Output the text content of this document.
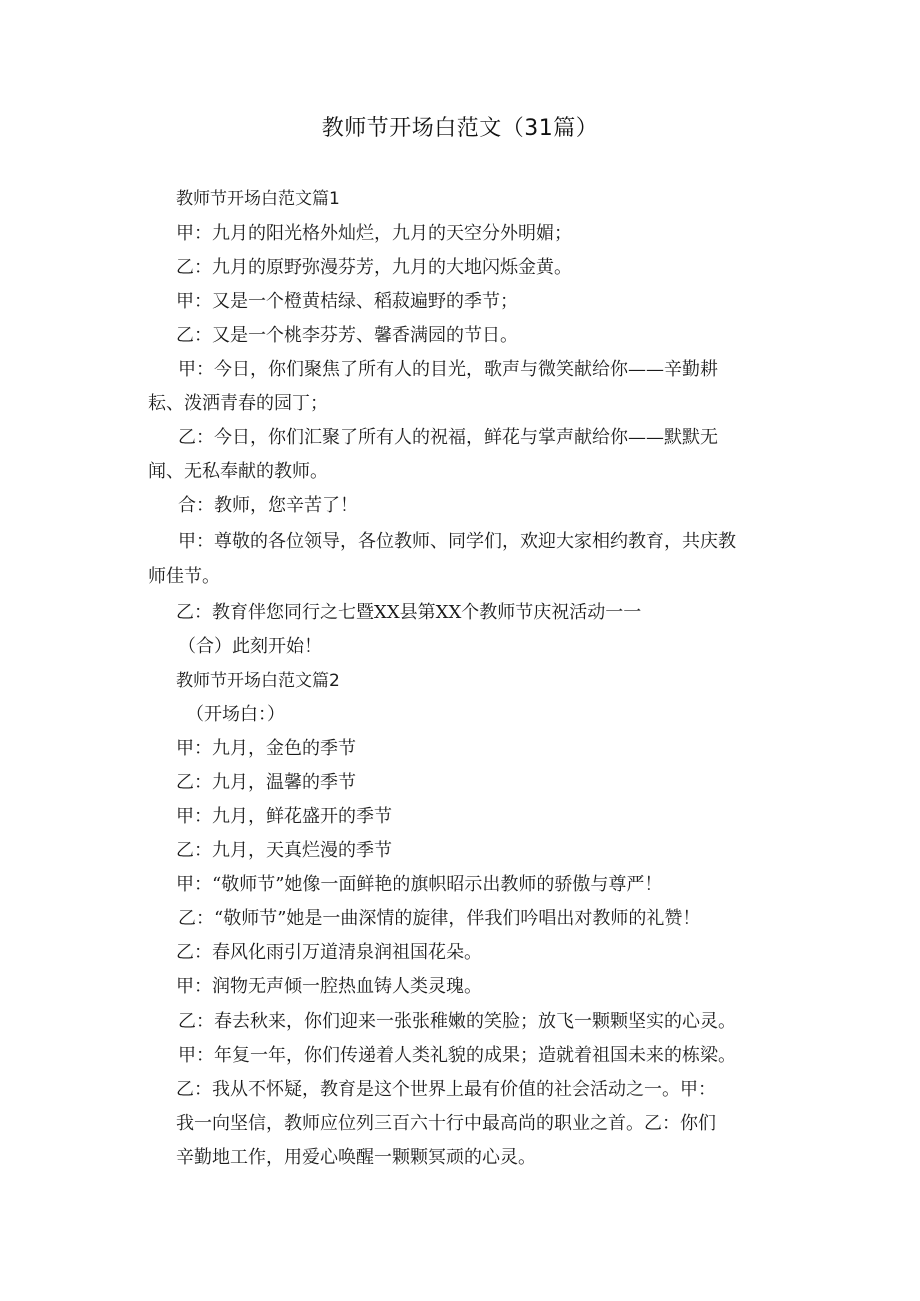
教师节开场白范文（31篇）
教师节开场白范文篇1
甲：九月的阳光格外灿烂，九月的天空分外明媚；
乙：九月的原野弥漫芬芳，九月的大地闪烁金黄。
甲：又是一个橙黄桔绿、稻菽遍野的季节；
乙：又是一个桃李芬芳、馨香满园的节日。
甲：今日，你们聚焦了所有人的目光，歌声与微笑献给你——辛勤耕
耘、泼洒青春的园丁；
乙：今日，你们汇聚了所有人的祝福，鲜花与掌声献给你——默默无
闻、无私奉献的教师。
合：教师，您辛苦了！
甲：尊敬的各位领导，各位教师、同学们，欢迎大家相约教育，共庆教
师佳节。
乙：教育伴您同行之七暨XX县第XX个教师节庆祝活动一一
（合）此刻开始！
教师节开场白范文篇2
（开场白：）
甲：九月，金色的季节
乙：九月，温馨的季节
甲：九月，鲜花盛开的季节
乙：九月，天真烂漫的季节
甲：“敬师节”她像一面鲜艳的旗帜昭示出教师的骄傲与尊严！
乙：“敬师节”她是一曲深情的旋律，伴我们吟唱出对教师的礼赞！
乙：春风化雨引万道清泉润祖国花朵。
甲：润物无声倾一腔热血铸人类灵瑰。
乙：春去秋来，你们迎来一张张稚嫩的笑脸；放飞一颗颗坚实的心灵。
甲：年复一年，你们传递着人类礼貌的成果；造就着祖国未来的栋梁。
乙：我从不怀疑，教育是这个世界上最有价值的社会活动之一。甲：
我一向坚信，教师应位列三百六十行中最高尚的职业之首。乙：你们
辛勤地工作，用爱心唤醒一颗颗冥顽的心灵。
